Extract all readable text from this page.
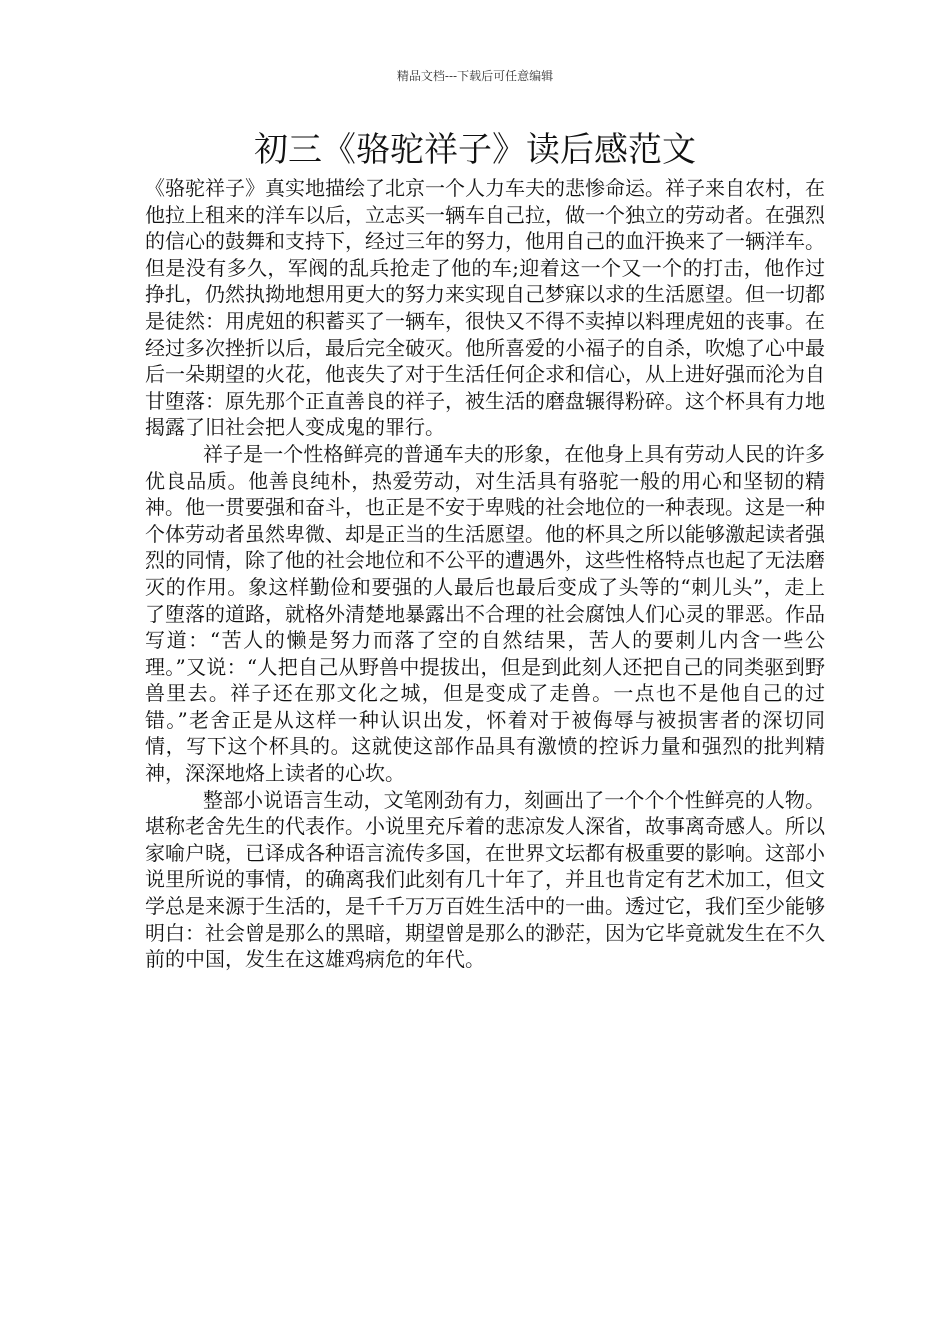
精品文档---下载后可任意编辑
初三《骆驼祥子》读后感范文

《骆驼祥子》真实地描绘了北京一个人力车夫的悲惨命运。祥子来自农村，在他拉上租来的洋车以后，立志买一辆车自己拉，做一个独立的劳动者。在强烈的信心的鼓舞和支持下，经过三年的努力，他用自己的血汗换来了一辆洋车。但是没有多久，军阀的乱兵抢走了他的车;迎着这一个又一个的打击，他作过挣扎，仍然执拗地想用更大的努力来实现自己梦寐以求的生活愿望。但一切都是徒然：用虎妞的积蓄买了一辆车，很快又不得不卖掉以料理虎妞的丧事。在经过多次挫折以后，最后完全破灭。他所喜爱的小福子的自杀，吹熄了心中最后一朵期望的火花，他丧失了对于生活任何企求和信心，从上进好强而沦为自甘堕落：原先那个正直善良的祥子，被生活的磨盘辗得粉碎。这个杯具有力地揭露了旧社会把人变成鬼的罪行。

祥子是一个性格鲜亮的普通车夫的形象，在他身上具有劳动人民的许多优良品质。他善良纯朴，热爱劳动，对生活具有骆驼一般的用心和坚韧的精神。他一贯要强和奋斗，也正是不安于卑贱的社会地位的一种表现。这是一种个体劳动者虽然卑微、却是正当的生活愿望。他的杯具之所以能够激起读者强烈的同情，除了他的社会地位和不公平的遭遇外，这些性格特点也起了无法磨灭的作用。象这样勤俭和要强的人最后也最后变成了头等的“刺儿头”，走上了堕落的道路，就格外清楚地暴露出不合理的社会腐蚀人们心灵的罪恶。作品写道：“苦人的懒是努力而落了空的自然结果，苦人的要刺儿内含一些公理。”又说：“人把自己从野兽中提拔出，但是到此刻人还把自己的同类驱到野兽里去。祥子还在那文化之城，但是变成了走兽。一点也不是他自己的过错。”老舍正是从这样一种认识出发，怀着对于被侮辱与被损害者的深切同情，写下这个杯具的。这就使这部作品具有激愤的控诉力量和强烈的批判精神，深深地烙上读者的心坎。

整部小说语言生动，文笔刚劲有力，刻画出了一个个个性鲜亮的人物。堪称老舍先生的代表作。小说里充斥着的悲凉发人深省，故事离奇感人。所以家喻户晓，已译成各种语言流传多国，在世界文坛都有极重要的影响。这部小说里所说的事情，的确离我们此刻有几十年了，并且也肯定有艺术加工，但文学总是来源于生活的，是千千万万百姓生活中的一曲。透过它，我们至少能够明白：社会曾是那么的黑暗，期望曾是那么的渺茫，因为它毕竟就发生在不久前的中国，发生在这雄鸡病危的年代。
